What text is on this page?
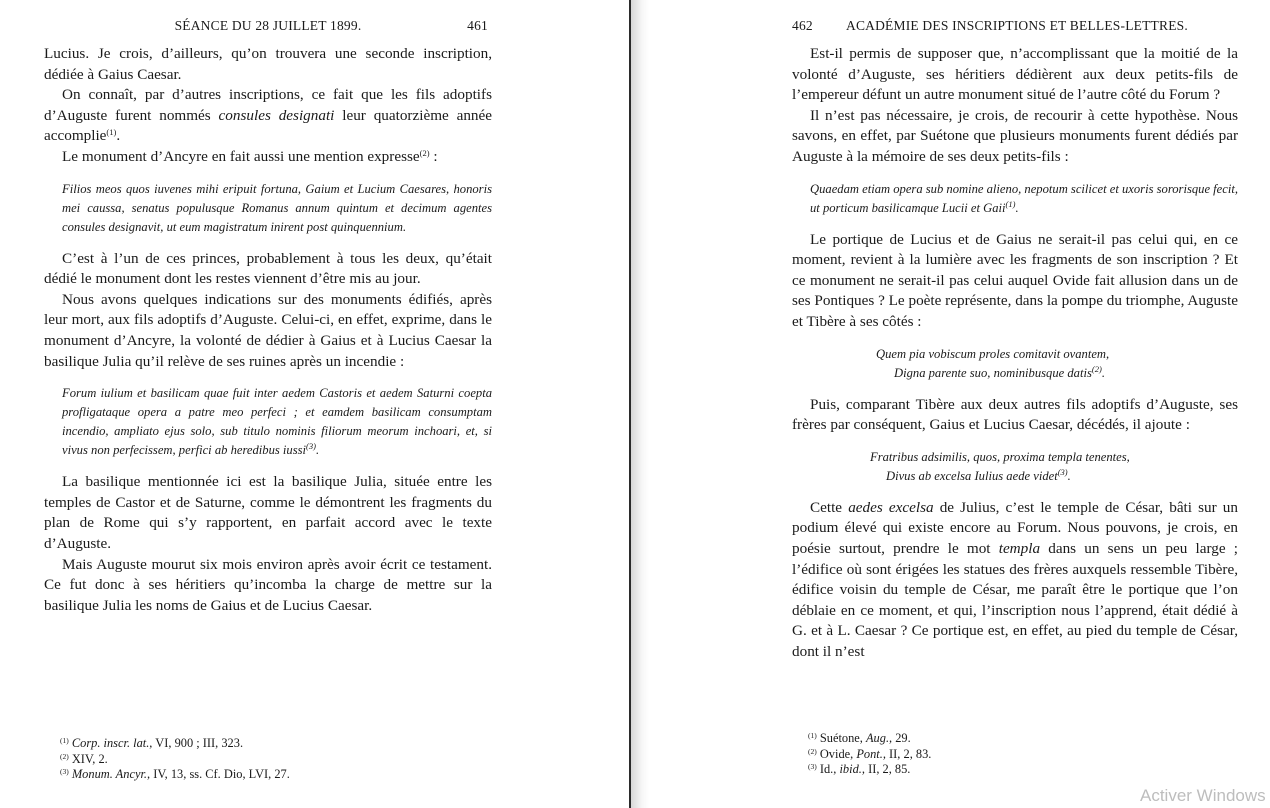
SÉANCE DU 28 JUILLET 1899.	461

Lucius. Je crois, d’ailleurs, qu’on trouvera une seconde inscription, dédiée à Gaius Caesar.

On connaît, par d’autres inscriptions, ce fait que les fils adoptifs d’Auguste furent nommés consules designati leur quatorzième année accomplie$^{(1)}$.

Le monument d’Ancyre en fait aussi une mention expresse$^{(2)}$ :

Filios meos quos iuvenes mihi eripuit fortuna, Gaium et Lucium Caesares, honoris mei caussa, senatus populusque Romanus annum quintum et decimum agentes consules designavit, ut eum magistratum inirent post quinquennium.

C’est à l’un de ces princes, probablement à tous les deux, qu’était dédié le monument dont les restes viennent d’être mis au jour.

Nous avons quelques indications sur des monuments édifiés, après leur mort, aux fils adoptifs d’Auguste. Celui-ci, en effet, exprime, dans le monument d’Ancyre, la volonté de dédier à Gaius et à Lucius Caesar la basilique Julia qu’il relève de ses ruines après un incendie :

Forum iulium et basilicam quae fuit inter aedem Castoris et aedem Saturni coepta profligataque opera a patre meo perfeci ; et eamdem basilicam consumptam incendio, ampliato ejus solo, sub titulo nominis filiorum meorum inchoari, et, si vivus non perfecissem, perfici ab heredibus iussi$^{(3)}$.

La basilique mentionnée ici est la basilique Julia, située entre les temples de Castor et de Saturne, comme le démontrent les fragments du plan de Rome qui s’y rapportent, en parfait accord avec le texte d’Auguste.

Mais Auguste mourut six mois environ après avoir écrit ce testament. Ce fut donc à ses héritiers qu’incomba la charge de mettre sur la basilique Julia les noms de Gaius et de Lucius Caesar.

$^{(1)}$ Corp. inscr. lat., VI, 900 ; III, 323.
$^{(2)}$ XIV, 2.
$^{(3)}$ Monum. Ancyr., IV, 13, ss. Cf. Dio, LVI, 27.
462 ACADÉMIE DES INSCRIPTIONS ET BELLES-LETTRES.

Est-il permis de supposer que, n’accomplissant que la moitié de la volonté d’Auguste, ses héritiers dédièrent aux deux petits-fils de l’empereur défunt un autre monument situé de l’autre côté du Forum ?

Il n’est pas nécessaire, je crois, de recourir à cette hypothèse. Nous savons, en effet, par Suétone que plusieurs monuments furent dédiés par Auguste à la mémoire de ses deux petits-fils :

Quaedam etiam opera sub nomine alieno, nepotum scilicet et uxoris sororisque fecit, ut porticum basilicamque Lucii et Gaii$^{(1)}$.

Le portique de Lucius et de Gaius ne serait-il pas celui qui, en ce moment, revient à la lumière avec les fragments de son inscription ? Et ce monument ne serait-il pas celui auquel Ovide fait allusion dans un de ses Pontiques ? Le poète représente, dans la pompe du triomphe, Auguste et Tibère à ses côtés :

Quem pia vobiscum proles comitavit ovantem,
Digna parente suo, nominibusque datis$^{(2)}$.

Puis, comparant Tibère aux deux autres fils adoptifs d’Auguste, ses frères par conséquent, Gaius et Lucius Caesar, décédés, il ajoute :

Fratribus adsimilis, quos, proxima templa tenentes,
Divus ab excelsa Iulius aede videt$^{(3)}$.

Cette aedes excelsa de Julius, c’est le temple de César, bâti sur un podium élevé qui existe encore au Forum. Nous pouvons, je crois, en poésie surtout, prendre le mot templa dans un sens un peu large ; l’édifice où sont érigées les statues des frères auxquels ressemble Tibère, édifice voisin du temple de César, me paraît être le portique que l’on déblaie en ce moment, et qui, l’inscription nous l’apprend, était dédié à G. et à L. Caesar ? Ce portique est, en effet, au pied du temple de César, dont il n’est

$^{(1)}$ Suétone, Aug., 29.
$^{(2)}$ Ovide, Pont., II, 2, 83.
$^{(3)}$ Id., ibid., II, 2, 85.
Activer Windows
